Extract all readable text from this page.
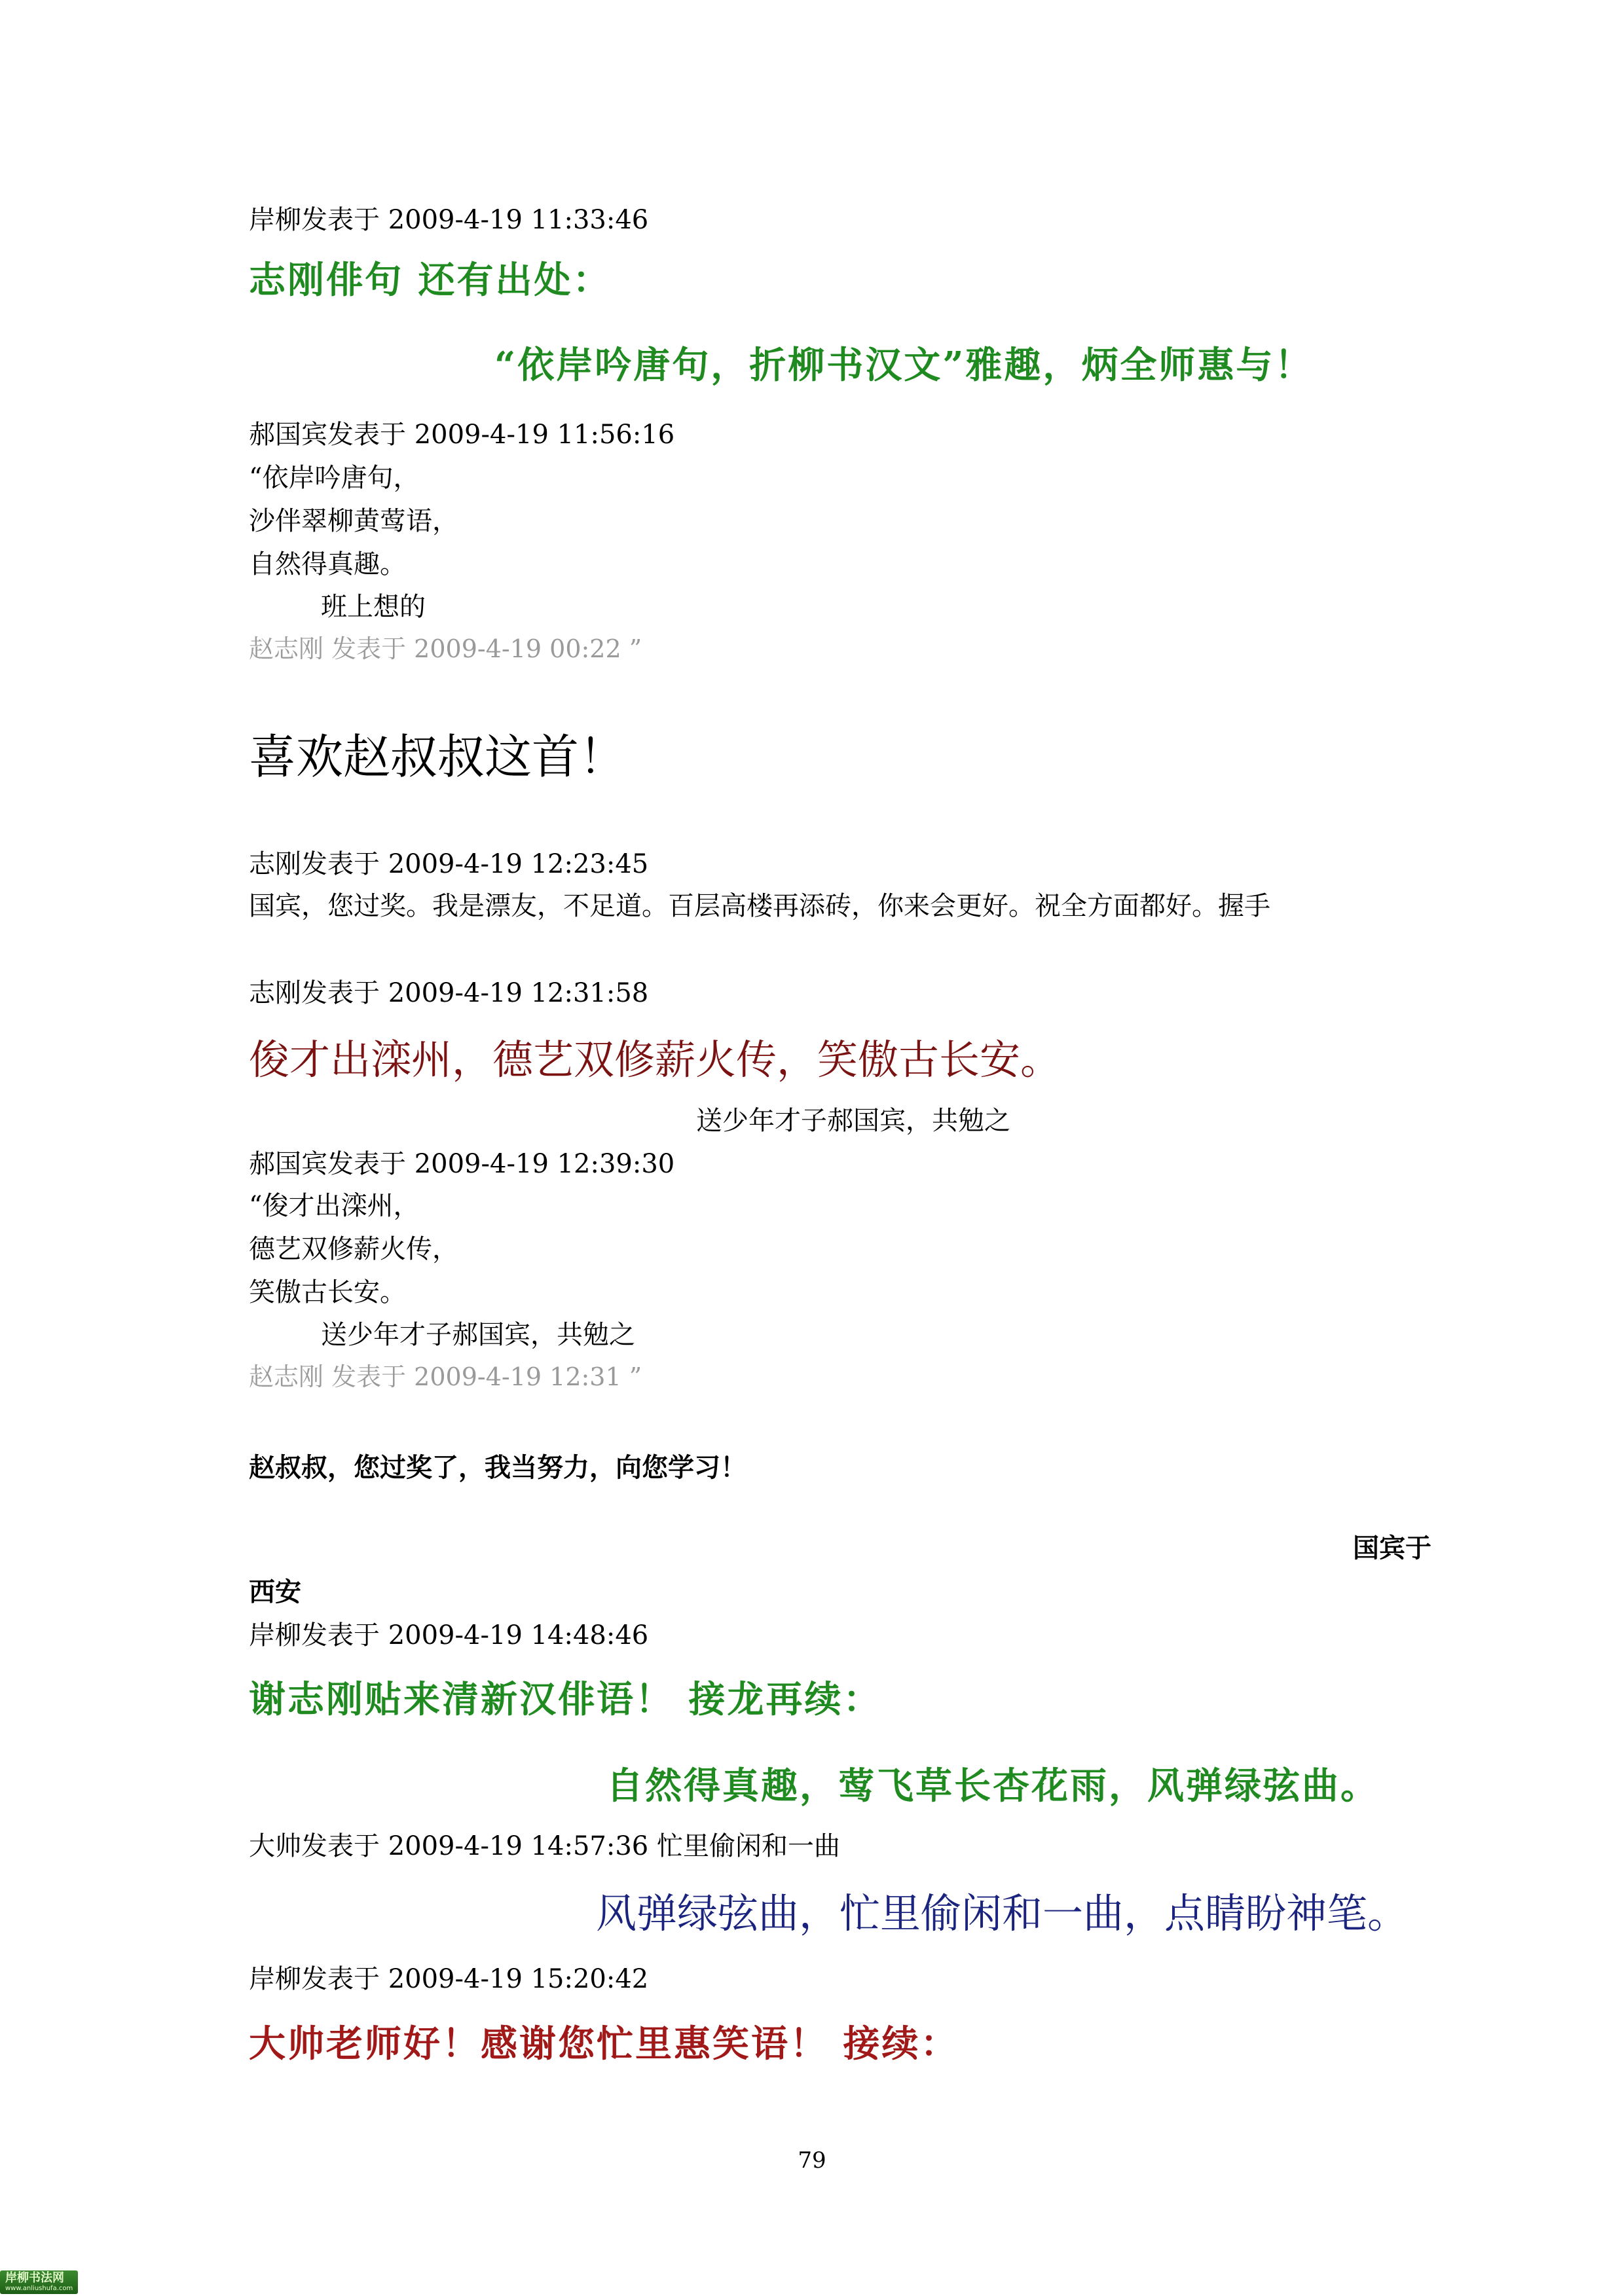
岸柳发表于 2009-4-19 11:33:46
志刚俳句 还有出处：
“依岸吟唐句，折柳书汉文”雅趣，炳全师惠与！
郝国宾发表于 2009-4-19 11:56:16
“依岸吟唐句，
沙伴翠柳黄莺语，
自然得真趣。
班上想的
赵志刚 发表于 2009-4-19 00:22 ”
喜欢赵叔叔这首！
志刚发表于 2009-4-19 12:23:45
国宾，您过奖。我是漂友，不足道。百层高楼再添砖，你来会更好。祝全方面都好。握手
志刚发表于 2009-4-19 12:31:58
俊才出滦州，德艺双修薪火传，笑傲古长安。
送少年才子郝国宾，共勉之
郝国宾发表于 2009-4-19 12:39:30
“俊才出滦州，
德艺双修薪火传，
笑傲古长安。
送少年才子郝国宾，共勉之
赵志刚 发表于 2009-4-19 12:31 ”
赵叔叔，您过奖了，我当努力，向您学习！
国宾于
西安
岸柳发表于 2009-4-19 14:48:46
谢志刚贴来清新汉俳语！ 接龙再续：
自然得真趣，莺飞草长杏花雨，风弹绿弦曲。
大帅发表于 2009-4-19 14:57:36 忙里偷闲和一曲
风弹绿弦曲，忙里偷闲和一曲，点睛盼神笔。
岸柳发表于 2009-4-19 15:20:42
大帅老师好！感谢您忙里惠笑语！ 接续：
79
岸柳书法网
www.anliushufa.com
